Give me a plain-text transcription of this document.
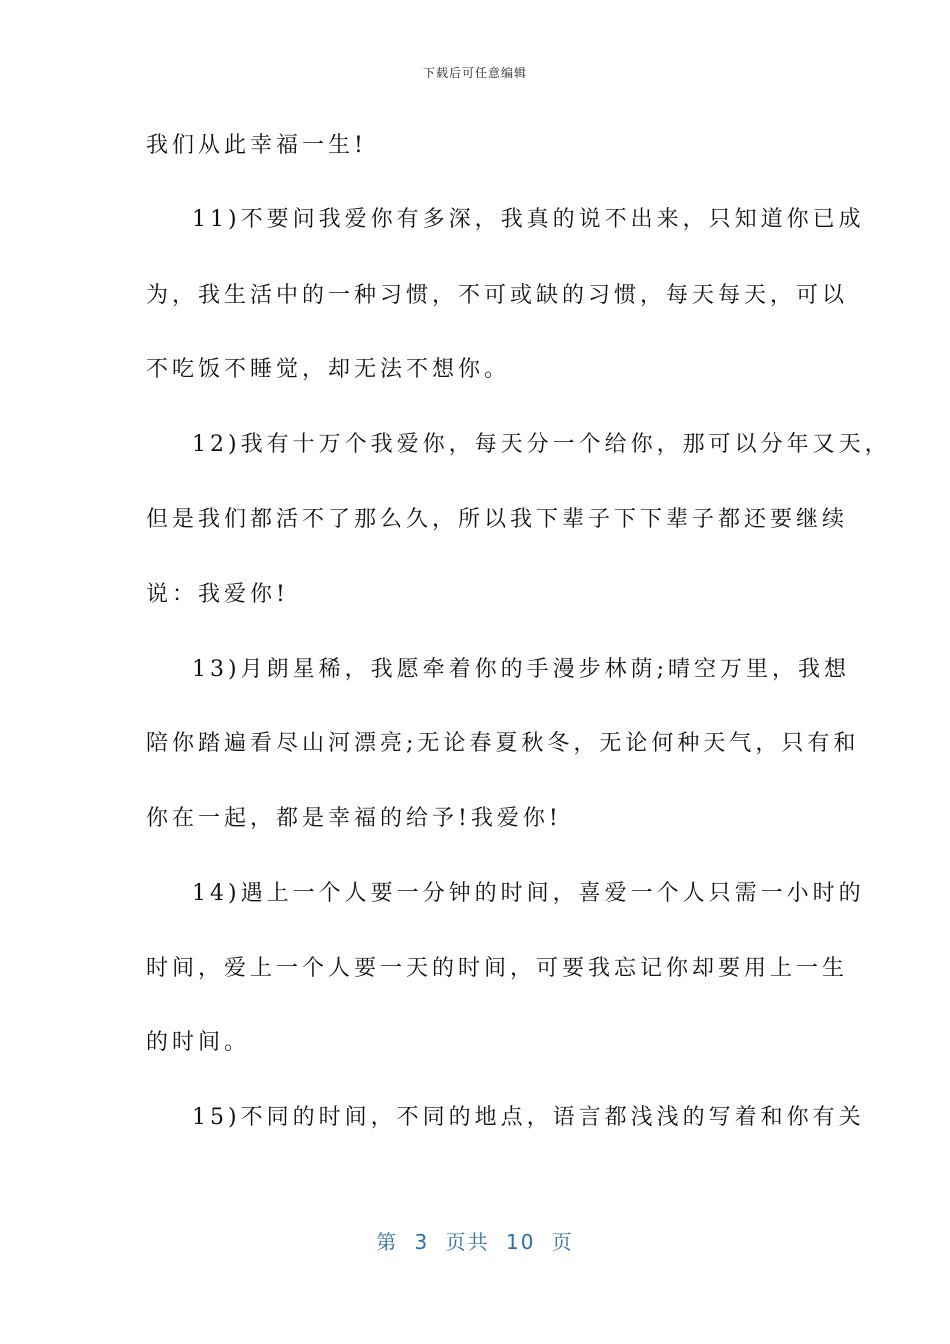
下载后可任意编辑
我们从此幸福一生!
11)不要问我爱你有多深，我真的说不出来，只知道你已成
为，我生活中的一种习惯，不可或缺的习惯，每天每天，可以
不吃饭不睡觉，却无法不想你。
12)我有十万个我爱你，每天分一个给你，那可以分年又天，
但是我们都活不了那么久，所以我下辈子下下辈子都还要继续
说：我爱你!
13)月朗星稀，我愿牵着你的手漫步林荫;晴空万里，我想
陪你踏遍看尽山河漂亮;无论春夏秋冬，无论何种天气，只有和
你在一起，都是幸福的给予!我爱你!
14)遇上一个人要一分钟的时间，喜爱一个人只需一小时的
时间，爱上一个人要一天的时间，可要我忘记你却要用上一生
的时间。
15)不同的时间，不同的地点，语言都浅浅的写着和你有关
第 3 页共 10 页
